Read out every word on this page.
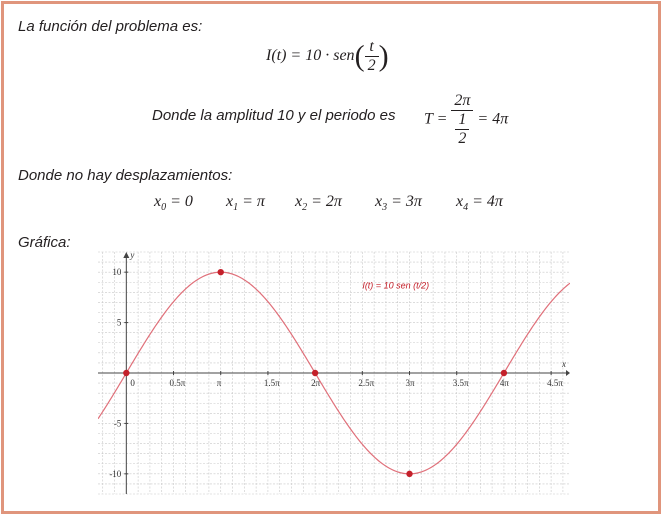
La función del problema es:
$I(t) = 10 \cdot sen( \frac{t}{2}$ )
Donde la amplitud 10 y el periodo es $T = \frac{2\pi}{\frac{1}{2}} = 4\pi$
Donde no hay desplazamientos:
$x_0 = 0$ $x_1 = \pi$ $x_2 = 2\pi$ $x_3 = 3\pi$ $x_4 = 4\pi$
Gráfica:
x
y
0	0.5π	π	1.5π	2π	2.5π	3π	3.5π	4π	4.5π
10
5
-5
-10
I(t) = 10 sen (t/2)
